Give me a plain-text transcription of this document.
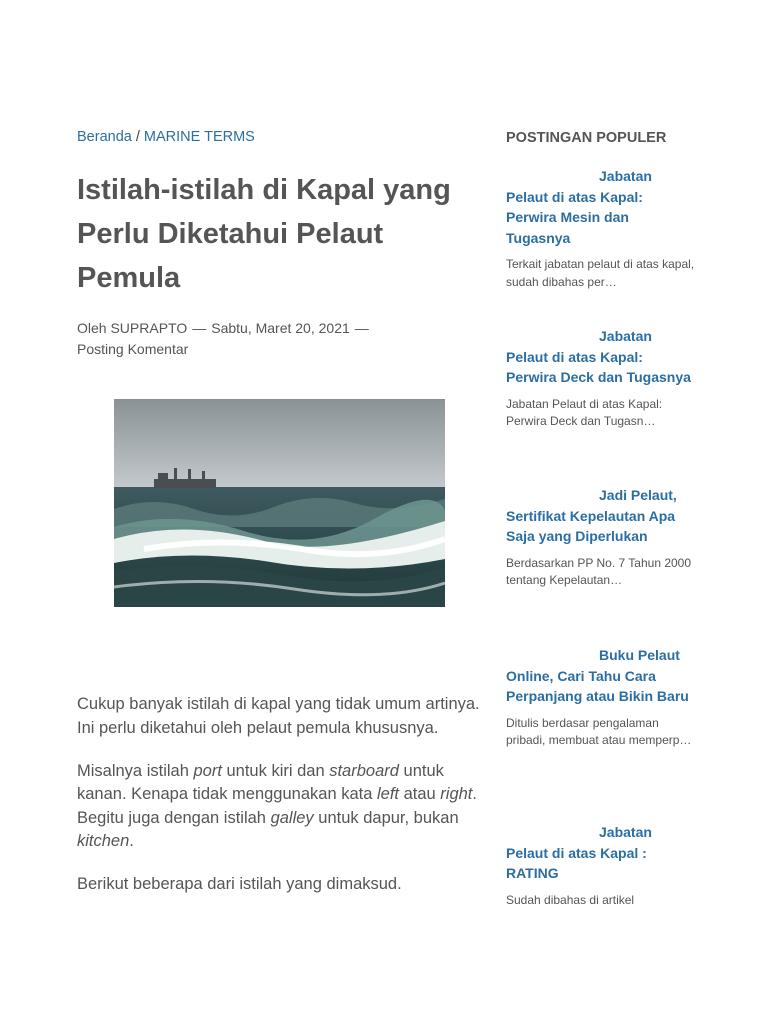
Beranda / MARINE TERMS
Istilah-istilah di Kapal yang Perlu Diketahui Pelaut Pemula
Oleh SUPRAPTO — Sabtu, Maret 20, 2021 —
Posting Komentar

Cukup banyak istilah di kapal yang tidak umum artinya. Ini perlu diketahui oleh pelaut pemula khususnya.

Misalnya istilah port untuk kiri dan starboard untuk kanan. Kenapa tidak menggunakan kata left atau right. Begitu juga dengan istilah galley untuk dapur, bukan kitchen.

Berikut beberapa dari istilah yang dimaksud.

POSTINGAN POPULER
Jabatan Pelaut di atas Kapal: Perwira Mesin dan Tugasnya
Terkait jabatan pelaut di atas kapal, sudah dibahas per…
Jabatan Pelaut di atas Kapal: Perwira Deck dan Tugasnya
Jabatan Pelaut di atas Kapal: Perwira Deck dan Tugasn…
Jadi Pelaut, Sertifikat Kepelautan Apa Saja yang Diperlukan
Berdasarkan PP No. 7 Tahun 2000 tentang Kepelautan…
Buku Pelaut Online, Cari Tahu Cara Perpanjang atau Bikin Baru
Ditulis berdasar pengalaman pribadi, membuat atau memperp…
Jabatan Pelaut di atas Kapal : RATING
Sudah dibahas di artikel
